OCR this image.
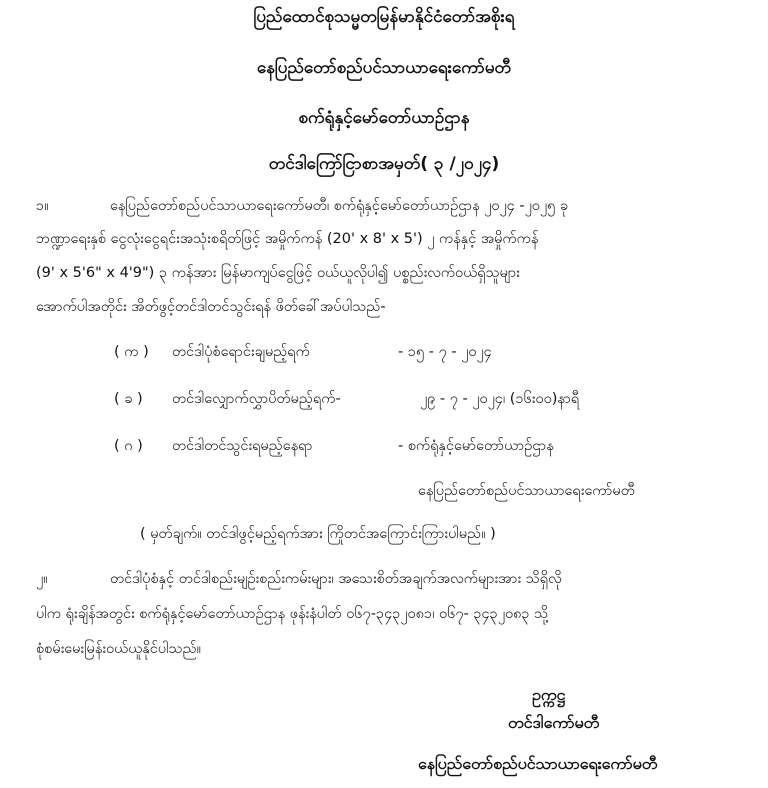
ပြည်ထောင်စုသမ္မတမြန်မာနိုင်ငံတော်အစိုးရ
နေပြည်တော်စည်ပင်သာယာရေးကော်မတီ
စက်ရုံနှင့်မော်တော်ယာဉ်ဌာန
တင်ဒါကြော်ငြာစာအမှတ်( ၃ /၂၀၂၄)
၁။	နေပြည်တော်စည်ပင်သာယာရေးကော်မတီ၊ စက်ရုံနှင့်မော်တော်ယာဉ်ဌာန ၂၀၂၄ -၂၀၂၅ ခု
ဘဏ္ဍာရေးနှစ် ငွေလုံးငွေရင်းအသုံးစရိတ်ဖြင့် အမှိုက်ကန် (20' x 8' x 5') ၂ ကန်နှင့် အမှိုက်ကန်
(9' x 5'6" x 4'9") ၃ ကန်အား မြန်မာကျပ်ငွေဖြင့် ဝယ်ယူလိုပါ၍ ပစ္စည်းလက်ဝယ်ရှိသူများ
အောက်ပါအတိုင်း အိတ်ဖွင့်တင်ဒါတင်သွင်းရန် ဖိတ်ခေါ်အပ်ပါသည်-
( က ) တင်ဒါပုံစံရောင်းချမည့်ရက်	- ၁၅ - ၇ - ၂၀၂၄
( ခ ) တင်ဒါလျှောက်လွှာပိတ်မည့်ရက်-	၂၉ - ၇ - ၂၀၂၄၊ (၁၆း၀၀)နာရီ
( ဂ ) တင်ဒါတင်သွင်းရမည့်နေရာ	- စက်ရုံနှင့်မော်တော်ယာဉ်ဌာန
နေပြည်တော်စည်ပင်သာယာရေးကော်မတီ
( မှတ်ချက်။ တင်ဒါဖွင့်မည့်ရက်အား ကြိုတင်အကြောင်းကြားပါမည်။ )
၂။	တင်ဒါပုံစံနှင့် တင်ဒါစည်းမျဉ်းစည်းကမ်းများ၊ အသေးစိတ်အချက်အလက်များအား သိရှိလို
ပါက ရုံးချိန်အတွင်း စက်ရုံနှင့်မော်တော်ယာဉ်ဌာန ဖုန်းနံပါတ် ၀၆၇-၃၄၃၂၀၈၁၊ ၀၆၇- ၃၄၃၂၀၈၃ သို့
စုံစမ်းမေးမြန်းဝယ်ယူနိုင်ပါသည်။
ဥက္ကဋ္ဌ
တင်ဒါကော်မတီ
နေပြည်တော်စည်ပင်သာယာရေးကော်မတီ
